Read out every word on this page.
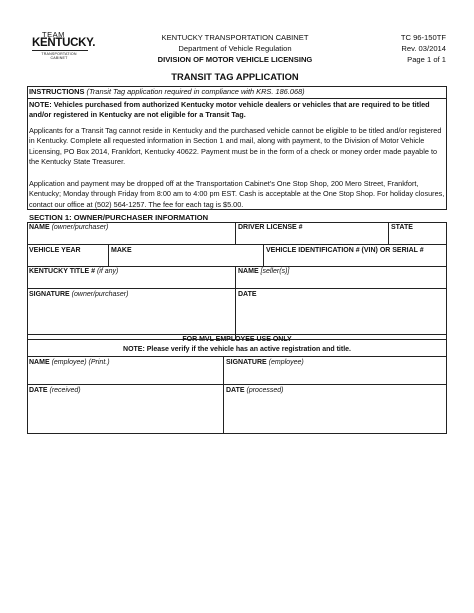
TEAM
KENTUCKY.
TRANSPORTATION
CABINET
KENTUCKY TRANSPORTATION CABINET
Department of Vehicle Regulation
DIVISION OF MOTOR VEHICLE LICENSING
TC 96-150TF
Rev. 03/2014
Page 1 of 1
TRANSIT TAG APPLICATION
INSTRUCTIONS (Transit Tag application required in compliance with KRS. 186.068)
NOTE: Vehicles purchased from authorized Kentucky motor vehicle dealers or vehicles that are required to be titled and/or registered in Kentucky are not eligible for a Transit Tag.
Applicants for a Transit Tag cannot reside in Kentucky and the purchased vehicle cannot be eligible to be titled and/or registered in Kentucky. Complete all requested information in Section 1 and mail, along with payment, to the Division of Motor Vehicle Licensing, PO Box 2014, Frankfort, Kentucky 40622. Payment must be in the form of a check or money order made payable to the Kentucky State Treasurer.
Application and payment may be dropped off at the Transportation Cabinet's One Stop Shop, 200 Mero Street, Frankfort, Kentucky; Monday through Friday from 8:00 am to 4:00 pm EST. Cash is acceptable at the One Stop Shop. For holiday closures, contact our office at (502) 564-1257. The fee for each tag is $5.00.
SECTION 1: OWNER/PURCHASER INFORMATION
NAME (owner/purchaser)	DRIVER LICENSE #	STATE
VEHICLE YEAR	MAKE	VEHICLE IDENTIFICATION # (VIN) OR SERIAL #
KENTUCKY TITLE # (if any)	NAME [seller(s)]
SIGNATURE (owner/purchaser)	DATE
FOR MVL EMPLOYEE USE ONLY
NOTE: Please verify if the vehicle has an active registration and title.
NAME (employee) (Print.)	SIGNATURE (employee)
DATE (received)	DATE (processed)
